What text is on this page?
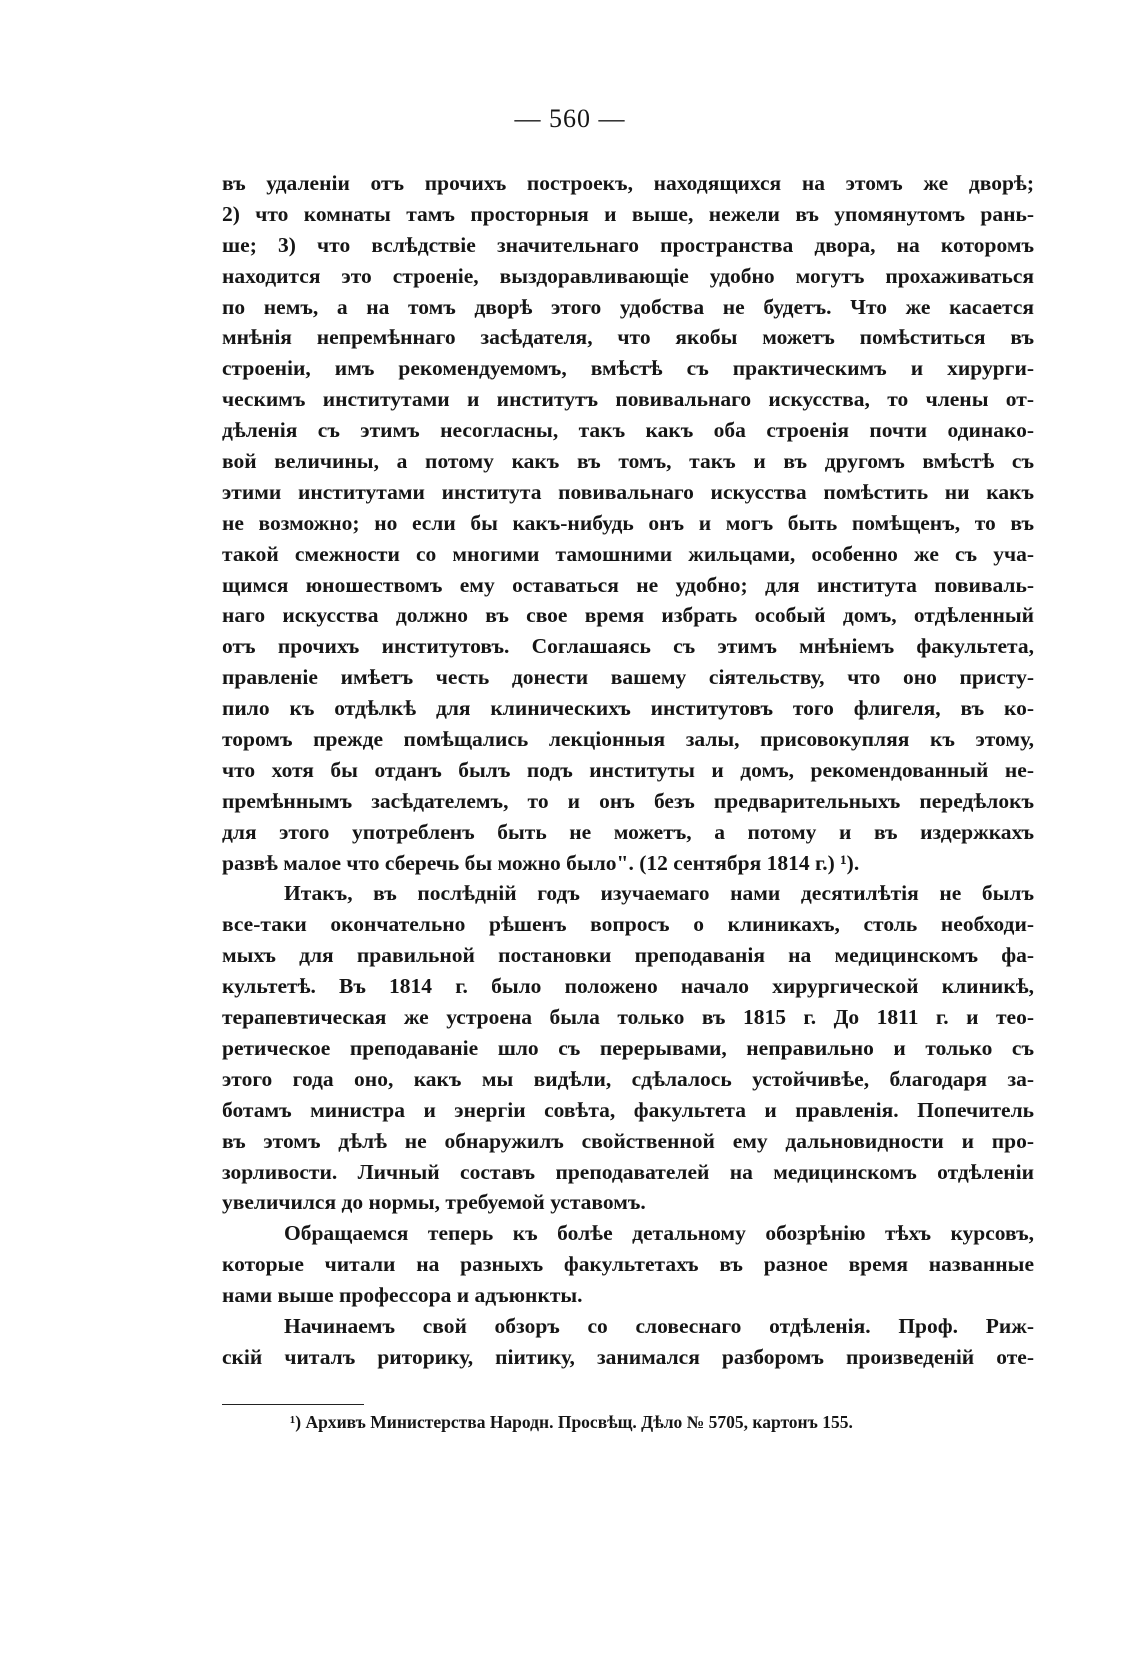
— 560 —
въ удаленіи отъ прочихъ построекъ, находящихся на этомъ же дворѣ;
2) что комнаты тамъ просторныя и выше, нежели въ упомянутомъ рань-
ше; 3) что вслѣдствіе значительнаго пространства двора, на которомъ
находится это строеніе, выздоравливающіе удобно могутъ прохаживаться
по немъ, а на томъ дворѣ этого удобства не будетъ. Что же касается
мнѣнія непремѣннаго засѣдателя, что якобы можетъ помѣститься въ
строеніи, имъ рекомендуемомъ, вмѣстѣ съ практическимъ и хирурги-
ческимъ институтами и институтъ повивальнаго искусства, то члены от-
дѣленія съ этимъ несогласны, такъ какъ оба строенія почти одинако-
вой величины, а потому какъ въ томъ, такъ и въ другомъ вмѣстѣ съ
этими институтами института повивальнаго искусства помѣстить ни какъ
не возможно; но если бы какъ-нибудь онъ и могъ быть помѣщенъ, то въ
такой смежности со многими тамошними жильцами, особенно же съ уча-
щимся юношествомъ ему оставаться не удобно; для института повиваль-
наго искусства должно въ свое время избрать особый домъ, отдѣленный
отъ прочихъ институтовъ. Соглашаясь съ этимъ мнѣніемъ факультета,
правленіе имѣетъ честь донести вашему сіятельству, что оно присту-
пило къ отдѣлкѣ для клиническихъ институтовъ того флигеля, въ ко-
торомъ прежде помѣщались лекціонныя залы, присовокупляя къ этому,
что хотя бы отданъ былъ подъ институты и домъ, рекомендованный не-
премѣннымъ засѣдателемъ, то и онъ безъ предварительныхъ передѣлокъ
для этого употребленъ быть не можетъ, а потому и въ издержкахъ
развѣ малое что сберечь бы можно было". (12 сентября 1814 г.) ¹).
Итакъ, въ послѣдній годъ изучаемаго нами десятилѣтія не былъ
все-таки окончательно рѣшенъ вопросъ о клиникахъ, столь необходи-
мыхъ для правильной постановки преподаванія на медицинскомъ фа-
культетѣ. Въ 1814 г. было положено начало хирургической клиникѣ,
терапевтическая же устроена была только въ 1815 г. До 1811 г. и тео-
ретическое преподаваніе шло съ перерывами, неправильно и только съ
этого года оно, какъ мы видѣли, сдѣлалось устойчивѣе, благодаря за-
ботамъ министра и энергіи совѣта, факультета и правленія. Попечитель
въ этомъ дѣлѣ не обнаружилъ свойственной ему дальновидности и про-
зорливости. Личный составъ преподавателей на медицинскомъ отдѣленіи
увеличился до нормы, требуемой уставомъ.
Обращаемся теперь къ болѣе детальному обозрѣнію тѣхъ курсовъ,
которые читали на разныхъ факультетахъ въ разное время названные
нами выше профессора и адъюнкты.
Начинаемъ свой обзоръ со словеснаго отдѣленія. Проф. Риж-
скій читалъ риторику, піитику, занимался разборомъ произведеній оте-
¹) Архивъ Министерства Народн. Просвѣщ. Дѣло № 5705, картонъ 155.
